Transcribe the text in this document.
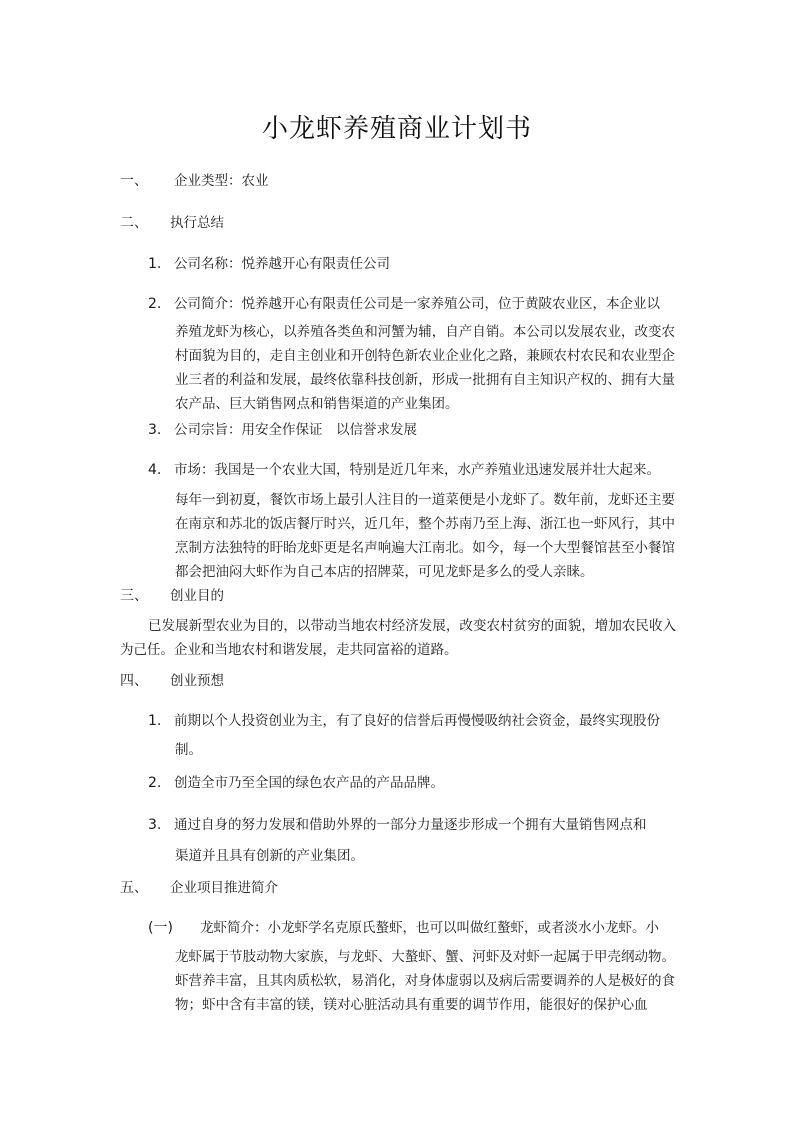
小龙虾养殖商业计划书
一、 企业类型：农业
二、 执行总结
1. 公司名称：悦养越开心有限责任公司
2. 公司简介：悦养越开心有限责任公司是一家养殖公司，位于黄陂农业区，本企业以
养殖龙虾为核心，以养殖各类鱼和河蟹为辅，自产自销。本公司以发展农业，改变农村面貌为目的，走自主创业和开创特色新农业企业化之路，兼顾农村农民和农业型企业三者的利益和发展，最终依靠科技创新，形成一批拥有自主知识产权的、拥有大量农产品、巨大销售网点和销售渠道的产业集团。
3. 公司宗旨：用安全作保证　以信誉求发展
4. 市场：我国是一个农业大国，特别是近几年来，水产养殖业迅速发展并壮大起来。
每年一到初夏，餐饮市场上最引人注目的一道菜便是小龙虾了。数年前，龙虾还主要在南京和苏北的饭店餐厅时兴，近几年，整个苏南乃至上海、浙江也一虾风行，其中烹制方法独特的盱眙龙虾更是名声响遍大江南北。如今，每一个大型餐馆甚至小餐馆都会把油闷大虾作为自己本店的招牌菜，可见龙虾是多么的受人亲睐。
三、 创业目的
已发展新型农业为目的，以带动当地农村经济发展，改变农村贫穷的面貌，增加农民收入为己任。企业和当地农村和谐发展，走共同富裕的道路。
四、 创业预想
1. 前期以个人投资创业为主，有了良好的信誉后再慢慢吸纳社会资金，最终实现股份
制。
2. 创造全市乃至全国的绿色农产品的产品品牌。
3. 通过自身的努力发展和借助外界的一部分力量逐步形成一个拥有大量销售网点和
渠道并且具有创新的产业集团。
五、 企业项目推进简介
(一) 龙虾简介：小龙虾学名克原氏螯虾，也可以叫做红螯虾，或者淡水小龙虾。小
龙虾属于节肢动物大家族，与龙虾、大螯虾、蟹、河虾及对虾一起属于甲壳纲动物。虾营养丰富，且其肉质松软，易消化，对身体虚弱以及病后需要调养的人是极好的食物；虾中含有丰富的镁，镁对心脏活动具有重要的调节作用，能很好的保护心血
